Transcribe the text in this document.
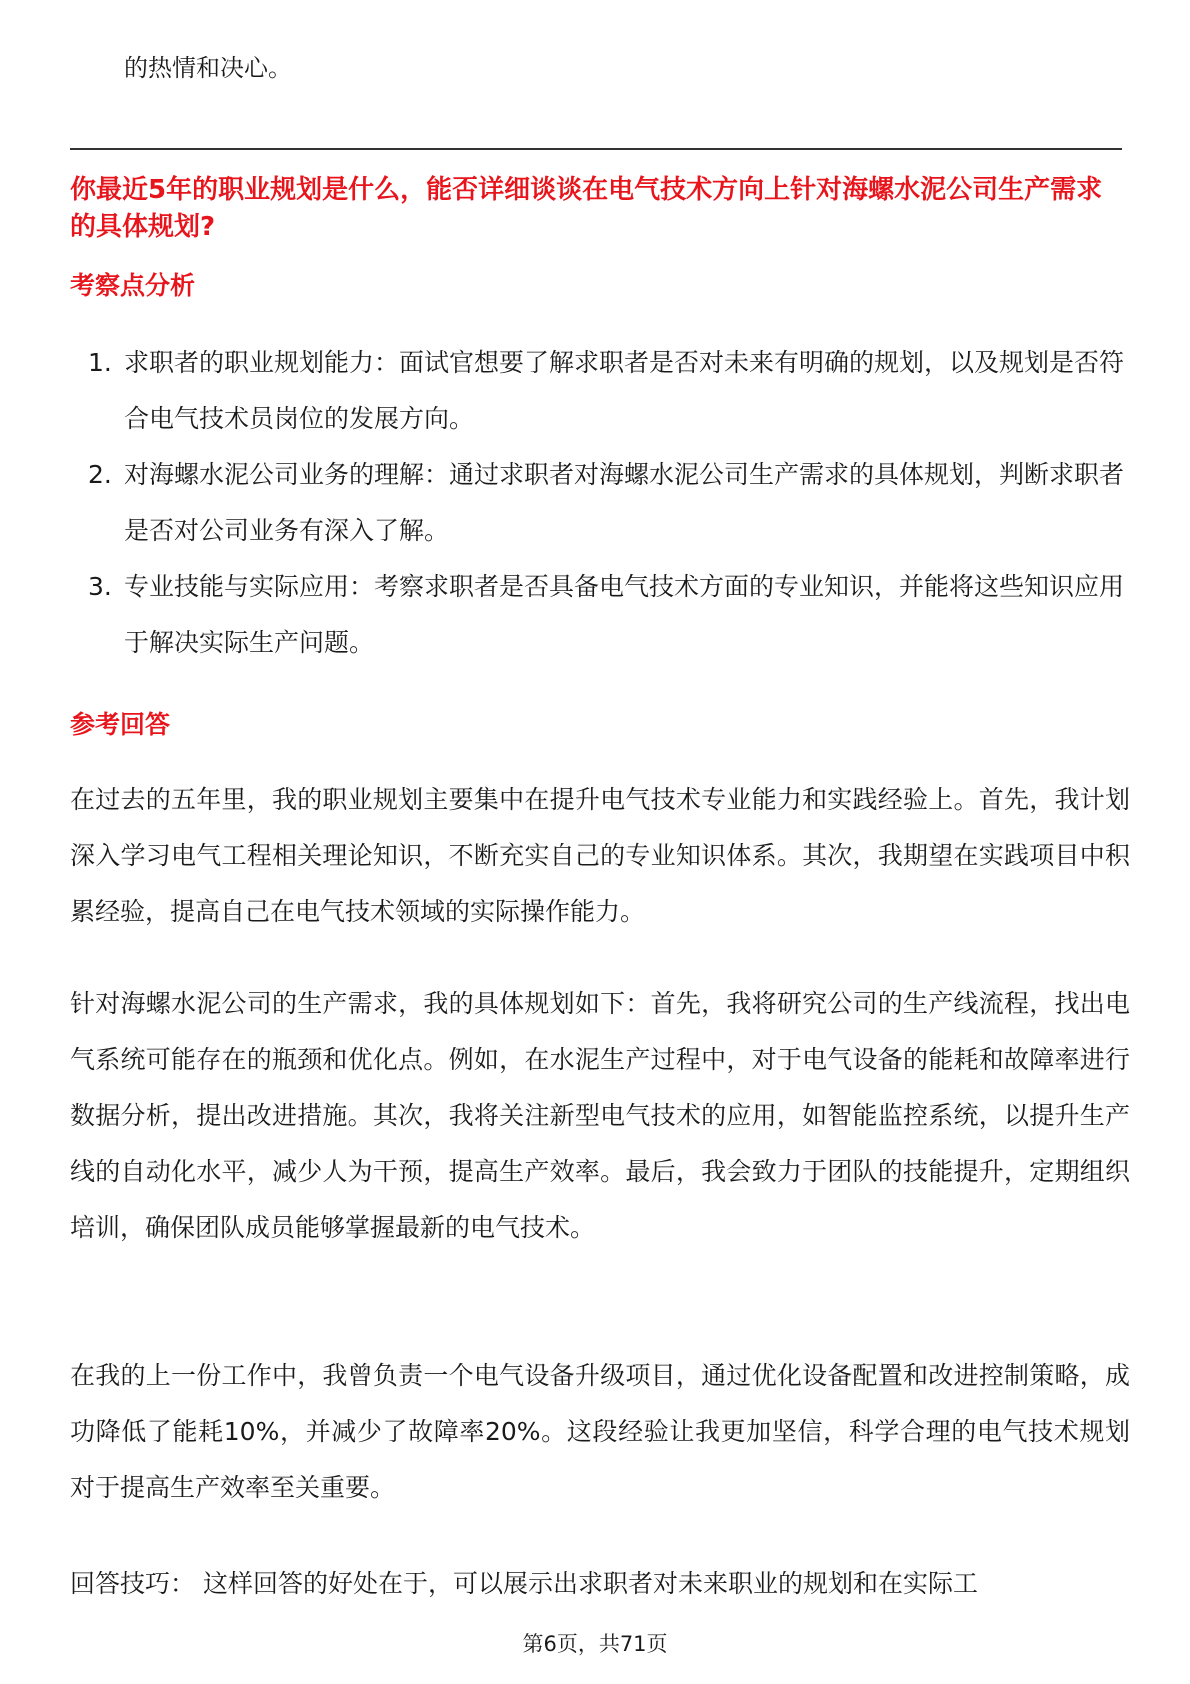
的热情和决心。
你最近5年的职业规划是什么，能否详细谈谈在电气技术方向上针对海螺水泥公司生产需求的具体规划?
考察点分析
1. 求职者的职业规划能力：面试官想要了解求职者是否对未来有明确的规划，以及规划是否符合电气技术员岗位的发展方向。
2. 对海螺水泥公司业务的理解：通过求职者对海螺水泥公司生产需求的具体规划，判断求职者是否对公司业务有深入了解。
3. 专业技能与实际应用：考察求职者是否具备电气技术方面的专业知识，并能将这些知识应用于解决实际生产问题。
参考回答

在过去的五年里，我的职业规划主要集中在提升电气技术专业能力和实践经验上。首先，我计划深入学习电气工程相关理论知识，不断充实自己的专业知识体系。其次，我期望在实践项目中积累经验，提高自己在电气技术领域的实际操作能力。

针对海螺水泥公司的生产需求，我的具体规划如下：首先，我将研究公司的生产线流程，找出电气系统可能存在的瓶颈和优化点。例如，在水泥生产过程中，对于电气设备的能耗和故障率进行数据分析，提出改进措施。其次，我将关注新型电气技术的应用，如智能监控系统，以提升生产线的自动化水平，减少人为干预，提高生产效率。最后，我会致力于团队的技能提升，定期组织培训，确保团队成员能够掌握最新的电气技术。

在我的上一份工作中，我曾负责一个电气设备升级项目，通过优化设备配置和改进控制策略，成功降低了能耗10%，并减少了故障率20%。这段经验让我更加坚信，科学合理的电气技术规划对于提高生产效率至关重要。

回答技巧： 这样回答的好处在于，可以展示出求职者对未来职业的规划和在实际工

第6页，共71页
